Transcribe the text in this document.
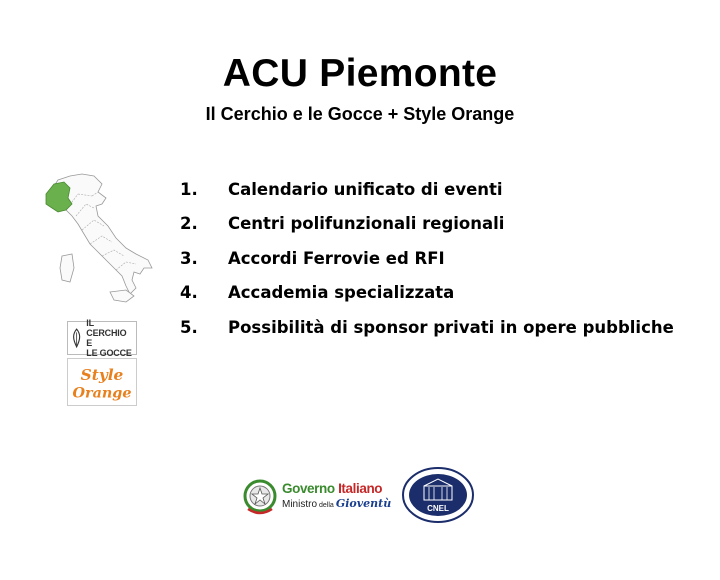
ACU Piemonte
Il Cerchio e le Gocce + Style Orange
1.	Calendario unificato di eventi
2.	Centri polifunzionali regionali
3.	Accordi Ferrovie ed RFI
4.	Accademia specializzata
5.	Possibilità di sponsor privati in opere pubbliche
IL CERCHIO E
LE GOCCE
Style
Orange
Governo Italiano
Ministro della Gioventù	CNEL
